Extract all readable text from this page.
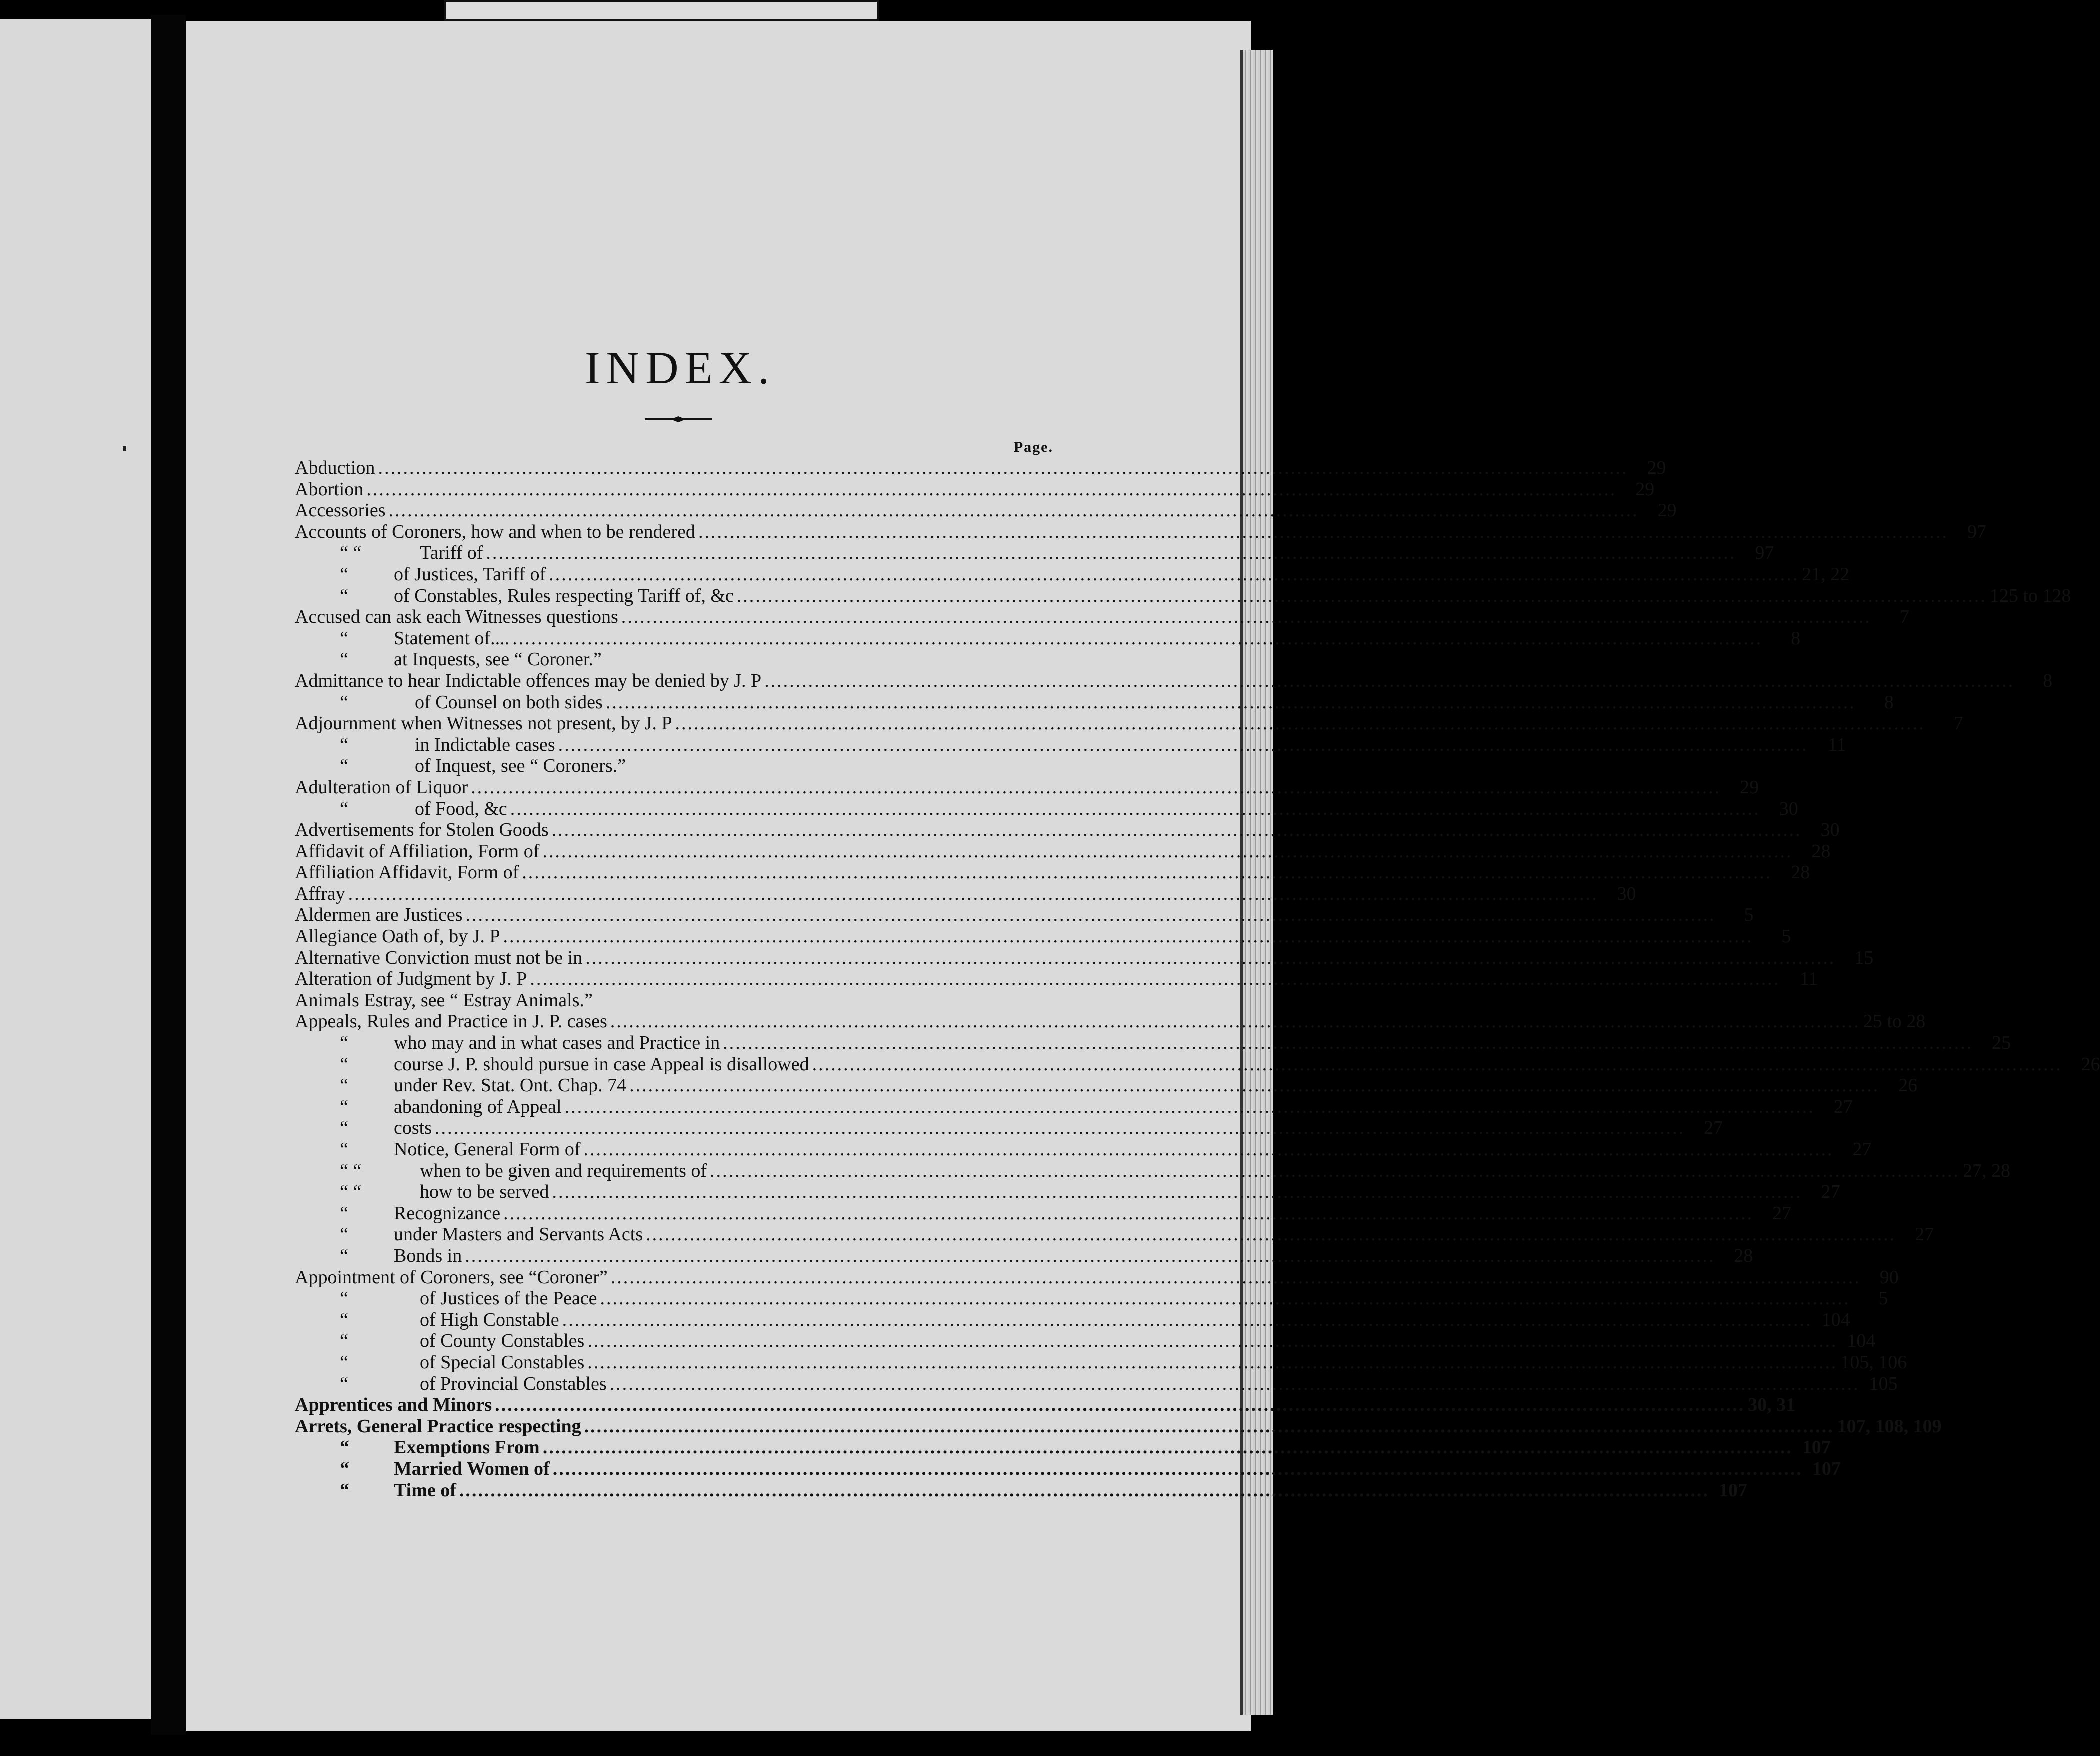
INDEX.
Page.
Abduction ........................................................................................................................................................................................................	29
Abortion ........................................................................................................................................................................................................	29
Accessories ........................................................................................................................................................................................................	29
Accounts of Coroners, how and when to be rendered ........................................................................................................................................................................................................	97
“ “	Tariff of ........................................................................................................................................................................................................	97
“	of Justices, Tariff of ........................................................................................................................................................................................................ 21, 22
“	of Constables, Rules respecting Tariff of, &c ........................................................................................................................................................................................................ 125 to 128
Accused can ask each Witnesses questions ........................................................................................................................................................................................................	7
“	Statement of.... ........................................................................................................................................................................................................	8
“	at Inquests, see “ Coroner.”
Admittance to hear Indictable offences may be denied by J. P ........................................................................................................................................................................................................	8
“	of Counsel on both sides ........................................................................................................................................................................................................	8
Adjournment when Witnesses not present, by J. P ........................................................................................................................................................................................................	7
“	in Indictable cases ........................................................................................................................................................................................................	11
“	of Inquest, see “ Coroners.”
Adulteration of Liquor ........................................................................................................................................................................................................	29
“	of Food, &c ........................................................................................................................................................................................................	30
Advertisements for Stolen Goods ........................................................................................................................................................................................................	30
Affidavit of Affiliation, Form of ........................................................................................................................................................................................................	28
Affiliation Affidavit, Form of ........................................................................................................................................................................................................	28
Affray ........................................................................................................................................................................................................	30
Aldermen are Justices ........................................................................................................................................................................................................	5
Allegiance Oath of, by J. P ........................................................................................................................................................................................................	5
Alternative Conviction must not be in ........................................................................................................................................................................................................	15
Alteration of Judgment by J. P ........................................................................................................................................................................................................	11
Animals Estray, see “ Estray Animals.”
Appeals, Rules and Practice in J. P. cases ........................................................................................................................................................................................................ 25 to 28
“	who may and in what cases and Practice in ........................................................................................................................................................................................................	25
“	course J. P. should pursue in case Appeal is disallowed ........................................................................................................................................................................................................	26
“	under Rev. Stat. Ont. Chap. 74 ........................................................................................................................................................................................................	26
“	abandoning of Appeal ........................................................................................................................................................................................................	27
“	costs ........................................................................................................................................................................................................	27
“	Notice, General Form of ........................................................................................................................................................................................................	27
“ “	when to be given and requirements of ........................................................................................................................................................................................................ 27, 28
“ “	how to be served ........................................................................................................................................................................................................	27
“	Recognizance ........................................................................................................................................................................................................	27
“	under Masters and Servants Acts ........................................................................................................................................................................................................	27
“	Bonds in ........................................................................................................................................................................................................	28
Appointment of Coroners, see “Coroner” ........................................................................................................................................................................................................	90
“	of Justices of the Peace ........................................................................................................................................................................................................	5
“	of High Constable ........................................................................................................................................................................................................ 104
“	of County Constables ........................................................................................................................................................................................................ 104
“	of Special Constables ........................................................................................................................................................................................................ 105, 106
“	of Provincial Constables ........................................................................................................................................................................................................ 105
Apprentices and Minors ........................................................................................................................................................................................................ 30, 31
Arrets, General Practice respecting ........................................................................................................................................................................................................ 107, 108, 109
“	Exemptions From ........................................................................................................................................................................................................ 107
“	Married Women of ........................................................................................................................................................................................................ 107
“	Time of ........................................................................................................................................................................................................ 107
